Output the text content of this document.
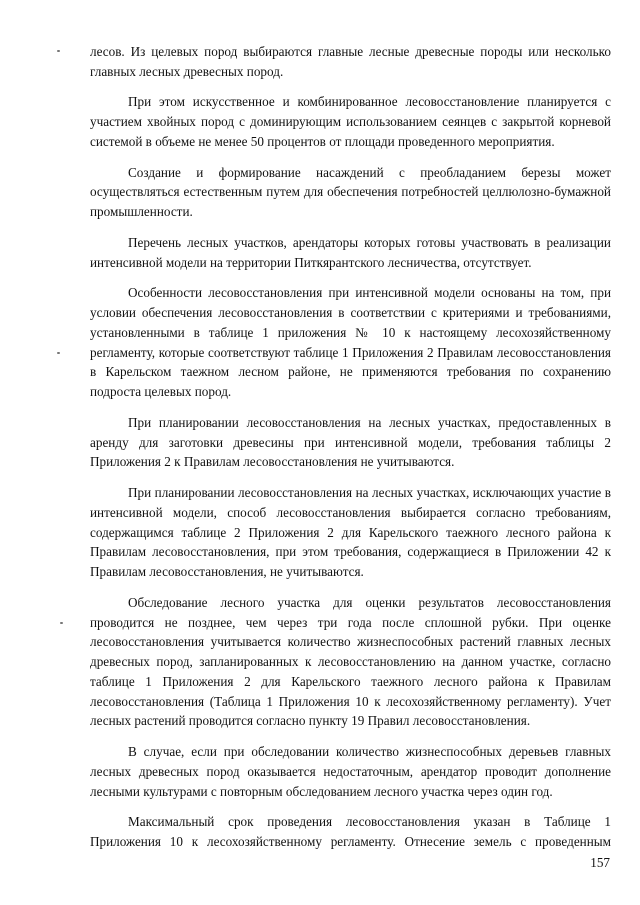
лесов. Из целевых пород выбираются главные лесные древесные породы или несколько главных лесных древесных пород.

При этом искусственное и комбинированное лесовосстановление планируется с участием хвойных пород с доминирующим использованием сеянцев с закрытой корневой системой в объеме не менее 50 процентов от площади проведенного мероприятия.

Создание и формирование насаждений с преобладанием березы может осуществляться естественным путем для обеспечения потребностей целлюлозно-бумажной промышленности.

Перечень лесных участков, арендаторы которых готовы участвовать в реализации интенсивной модели на территории Питкярантского лесничества, отсутствует.

Особенности лесовосстановления при интенсивной модели основаны на том, при условии обеспечения лесовосстановления в соответствии с критериями и требованиями, установленными в таблице 1 приложения № 10 к настоящему лесохозяйственному регламенту, которые соответствуют таблице 1 Приложения 2 Правилам лесовосстановления в Карельском таежном лесном районе, не применяются требования по сохранению подроста целевых пород.

При планировании лесовосстановления на лесных участках, предоставленных в аренду для заготовки древесины при интенсивной модели, требования таблицы 2 Приложения 2 к Правилам лесовосстановления не учитываются.

При планировании лесовосстановления на лесных участках, исключающих участие в интенсивной модели, способ лесовосстановления выбирается согласно требованиям, содержащимся таблице 2 Приложения 2 для Карельского таежного лесного района к Правилам лесовосстановления, при этом требования, содержащиеся в Приложении 42 к Правилам лесовосстановления, не учитываются.

Обследование лесного участка для оценки результатов лесовосстановления проводится не позднее, чем через три года после сплошной рубки. При оценке лесовосстановления учитывается количество жизнеспособных растений главных лесных древесных пород, запланированных к лесовосстановлению на данном участке, согласно таблице 1 Приложения 2 для Карельского таежного лесного района к Правилам лесовосстановления (Таблица 1 Приложения 10 к лесохозяйственному регламенту). Учет лесных растений проводится согласно пункту 19 Правил лесовосстановления.

В случае, если при обследовании количество жизнеспособных деревьев главных лесных древесных пород оказывается недостаточным, арендатор проводит дополнение лесными культурами с повторным обследованием лесного участка через один год.

Максимальный срок проведения лесовосстановления указан в Таблице 1 Приложения 10 к лесохозяйственному регламенту. Отнесение земель с проведенным

157
